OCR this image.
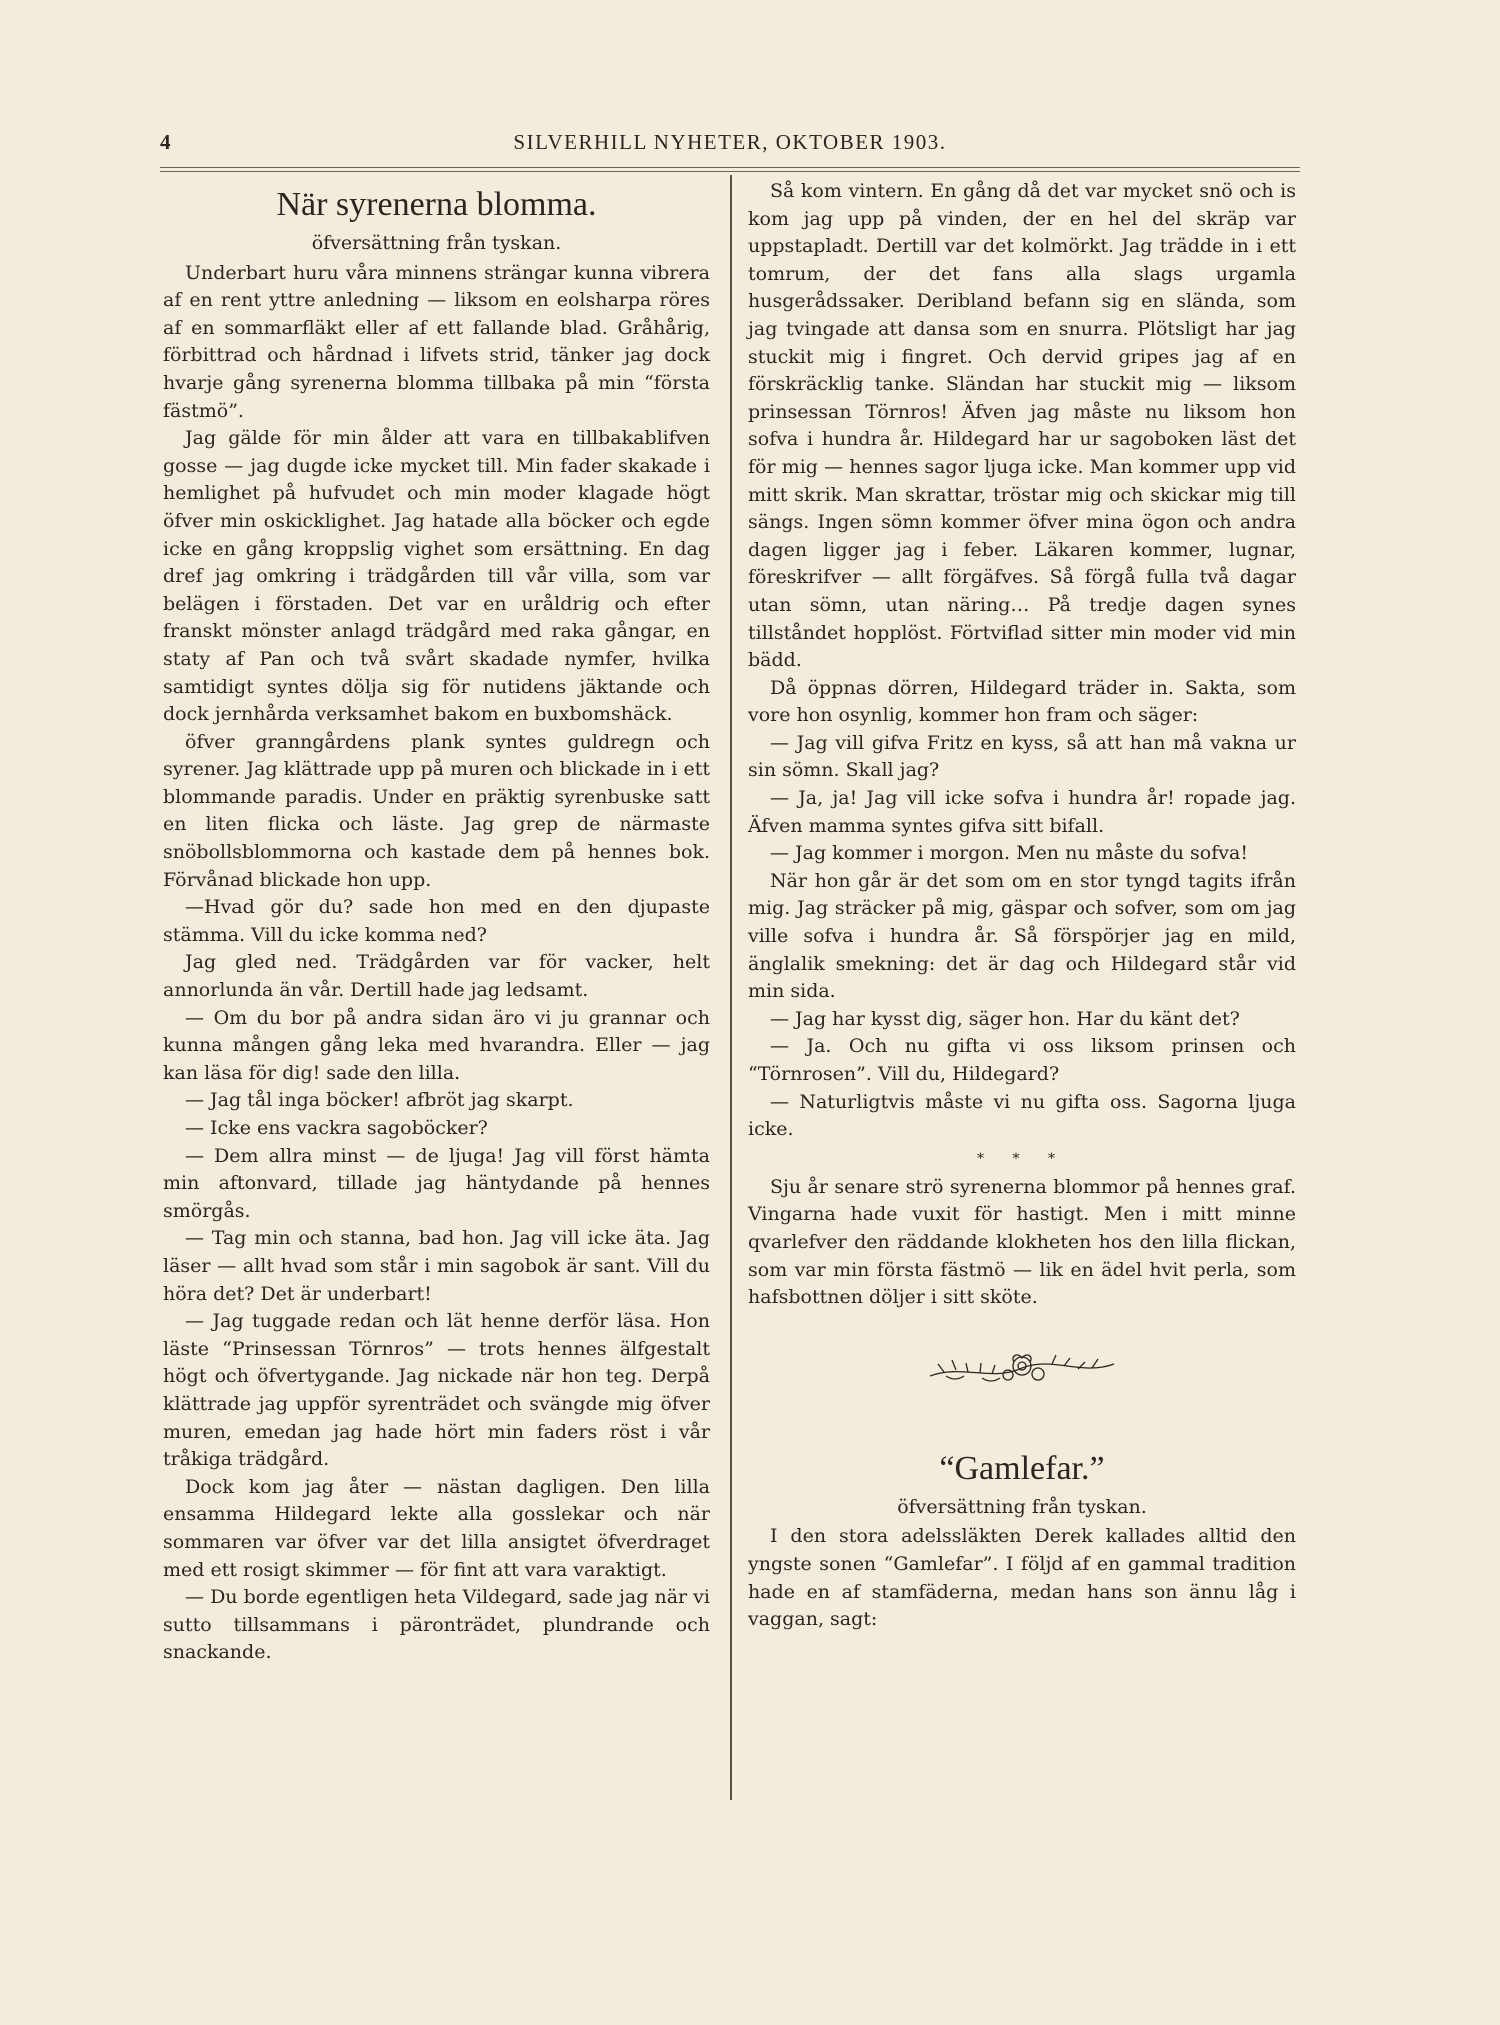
4	SILVERHILL NYHETER, OKTOBER 1903.
När syrenerna blomma.
öfversättning från tyskan.

Underbart huru våra minnens strängar kunna vibrera af en rent yttre anledning — liksom en eolsharpa röres af en sommarfläkt eller af ett fallande blad. Gråhårig, förbittrad och hårdnad i lifvets strid, tänker jag dock hvarje gång syrenerna blomma tillbaka på min “första fästmö”.

Jag gälde för min ålder att vara en tillbakablifven gosse — jag dugde icke mycket till. Min fader skakade i hemlighet på hufvudet och min moder klagade högt öfver min oskicklighet. Jag hatade alla böcker och egde icke en gång kroppslig vighet som ersättning. En dag dref jag omkring i trädgården till vår villa, som var belägen i förstaden. Det var en uråldrig och efter franskt mönster anlagd trädgård med raka gångar, en staty af Pan och två svårt skadade nymfer, hvilka samtidigt syntes dölja sig för nutidens jäktande och dock jernhårda verksamhet bakom en buxbomshäck.

öfver granngårdens plank syntes guldregn och syrener. Jag klättrade upp på muren och blickade in i ett blommande paradis. Under en präktig syrenbuske satt en liten flicka och läste. Jag grep de närmaste snöbollsblommorna och kastade dem på hennes bok. Förvånad blickade hon upp.

—Hvad gör du? sade hon med en den djupaste stämma. Vill du icke komma ned?

Jag gled ned. Trädgården var för vacker, helt annorlunda än vår. Dertill hade jag ledsamt.

— Om du bor på andra sidan äro vi ju grannar och kunna mången gång leka med hvarandra. Eller — jag kan läsa för dig! sade den lilla.

— Jag tål inga böcker! afbröt jag skarpt.

— Icke ens vackra sagoböcker?

— Dem allra minst — de ljuga! Jag vill först hämta min aftonvard, tillade jag häntydande på hennes smörgås.

— Tag min och stanna, bad hon. Jag vill icke äta. Jag läser — allt hvad som står i min sagobok är sant. Vill du höra det? Det är underbart!

— Jag tuggade redan och lät henne derför läsa. Hon läste “Prinsessan Törnros” — trots hennes älfgestalt högt och öfvertygande. Jag nickade när hon teg. Derpå klättrade jag uppför syrenträdet och svängde mig öfver muren, emedan jag hade hört min faders röst i vår tråkiga trädgård.

Dock kom jag åter — nästan dagligen. Den lilla ensamma Hildegard lekte alla gosslekar och när sommaren var öfver var det lilla ansigtet öfverdraget med ett rosigt skimmer — för fint att vara varaktigt.

— Du borde egentligen heta Vildegard, sade jag när vi sutto tillsammans i päronträdet, plundrande och snackande.

Så kom vintern. En gång då det var mycket snö och is kom jag upp på vinden, der en hel del skräp var uppstapladt. Dertill var det kolmörkt. Jag trädde in i ett tomrum, der det fans alla slags urgamla husgerådssaker. Deribland befann sig en slända, som jag tvingade att dansa som en snurra. Plötsligt har jag stuckit mig i fingret. Och dervid gripes jag af en förskräcklig tanke. Sländan har stuckit mig — liksom prinsessan Törnros! Äfven jag måste nu liksom hon sofva i hundra år. Hildegard har ur sagoboken läst det för mig — hennes sagor ljuga icke. Man kommer upp vid mitt skrik. Man skrattar, tröstar mig och skickar mig till sängs. Ingen sömn kommer öfver mina ögon och andra dagen ligger jag i feber. Läkaren kommer, lugnar, föreskrifver — allt förgäfves. Så förgå fulla två dagar utan sömn, utan näring… På tredje dagen synes tillståndet hopplöst. Förtviflad sitter min moder vid min bädd.

Då öppnas dörren, Hildegard träder in. Sakta, som vore hon osynlig, kommer hon fram och säger:

— Jag vill gifva Fritz en kyss, så att han må vakna ur sin sömn. Skall jag?

— Ja, ja! Jag vill icke sofva i hundra år! ropade jag. Äfven mamma syntes gifva sitt bifall.

— Jag kommer i morgon. Men nu måste du sofva!

När hon går är det som om en stor tyngd tagits ifrån mig. Jag sträcker på mig, gäspar och sofver, som om jag ville sofva i hundra år. Så förspörjer jag en mild, änglalik smekning: det är dag och Hildegard står vid min sida.

— Jag har kysst dig, säger hon. Har du känt det?

— Ja. Och nu gifta vi oss liksom prinsen och “Törnrosen”. Vill du, Hildegard?

— Naturligtvis måste vi nu gifta oss. Sagorna ljuga icke.

* * *

Sju år senare strö syrenerna blommor på hennes graf. Vingarna hade vuxit för hastigt. Men i mitt minne qvarlefver den räddande klokheten hos den lilla flickan, som var min första fästmö — lik en ädel hvit perla, som hafsbottnen döljer i sitt sköte.

“Gamlefar.”
öfversättning från tyskan.

I den stora adelssläkten Derek kallades alltid den yngste sonen “Gamlefar”. I följd af en gammal tradition hade en af stamfäderna, medan hans son ännu låg i vaggan, sagt:
